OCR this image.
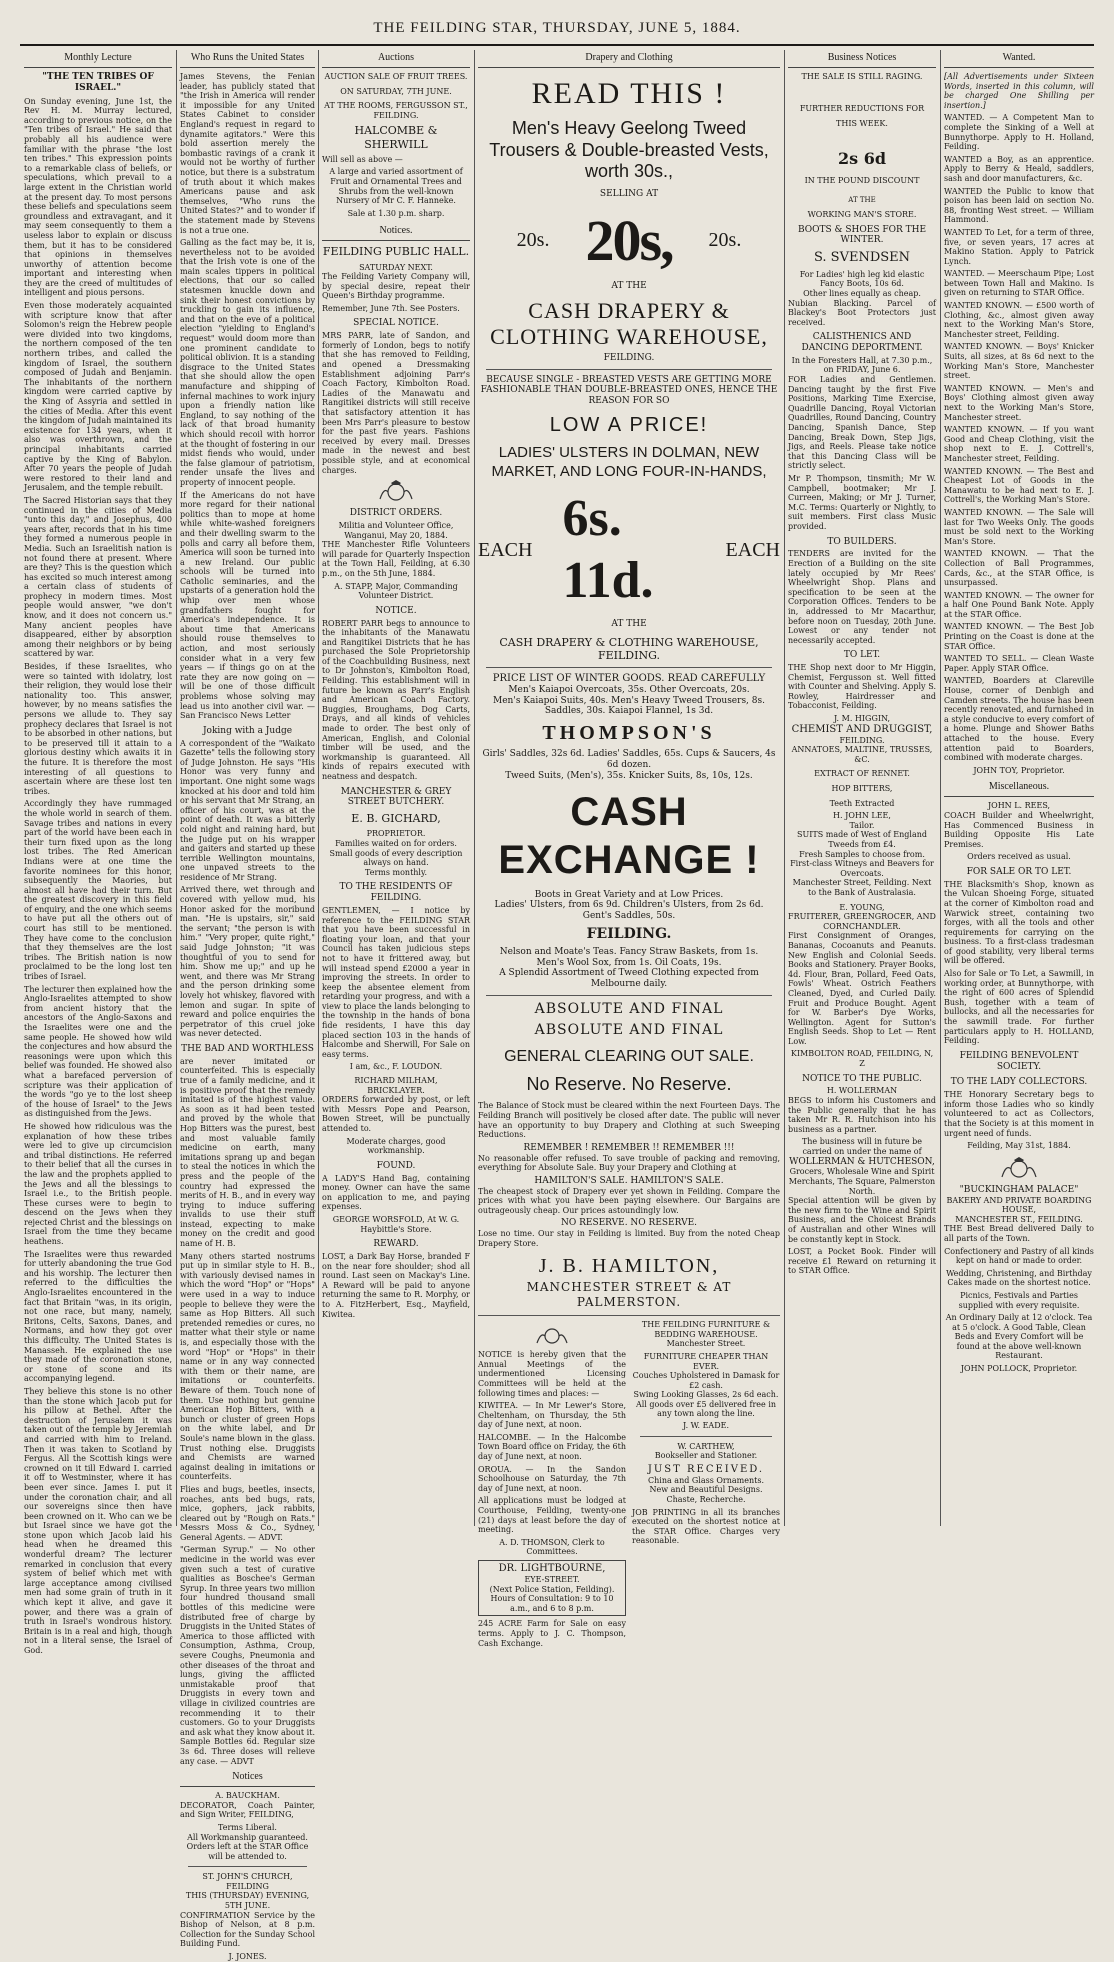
THE FEILDING STAR, THURSDAY, JUNE 5, 1884.
Monthly Lecture
"THE TEN TRIBES OF ISRAEL."

On Sunday evening, June 1st, the Rev H. M. Murray lectured, according to previous notice, on the "Ten tribes of Israel." He said that probably all his audience were familiar with the phrase "the lost ten tribes." This expression points to a remarkable class of beliefs, or speculations, which prevail to a large extent in the Christian world at the present day. To most persons these beliefs and speculations seem groundless and extravagant, and it may seem consequently to them a useless labor to explain or discuss them, but it has to be considered that opinions in themselves unworthy of attention become important and interesting when they are the creed of multitudes of intelligent and pious persons.

Even those moderately acquainted with scripture know that after Solomon's reign the Hebrew people were divided into two kingdoms, the northern composed of the ten northern tribes, and called the kingdom of Israel, the southern composed of Judah and Benjamin. The inhabitants of the northern kingdom were carried captive by the King of Assyria and settled in the cities of Media. After this event the kingdom of Judah maintained its existence for 134 years, when it also was overthrown, and the principal inhabitants carried captive by the King of Babylon. After 70 years the people of Judah were restored to their land and Jerusalem, and the temple rebuilt.

The Sacred Historian says that they continued in the cities of Media "unto this day," and Josephus, 400 years after, records that in his time they formed a numerous people in Media. Such an Israelitish nation is not found there at present. Where are they? This is the question which has excited so much interest among a certain class of students of prophecy in modern times. Most people would answer, "we don't know, and it does not concern us." Many ancient peoples have disappeared, either by absorption among their neighbors or by being scattered by war.

Besides, if these Israelites, who were so tainted with idolatry, lost their religion, they would lose their nationality too. This answer, however, by no means satisfies the persons we allude to. They say prophecy declares that Israel is not to be absorbed in other nations, but to be preserved till it attain to a glorious destiny which awaits it in the future. It is therefore the most interesting of all questions to ascertain where are these lost ten tribes.

Accordingly they have rummaged the whole world in search of them. Savage tribes and nations in every part of the world have been each in their turn fixed upon as the long lost tribes. The Red American Indians were at one time the favorite nominees for this honor, subsequently the Maories, but almost all have had their turn. But the greatest discovery in this field of enquiry, and the one which seems to have put all the others out of court has still to be mentioned. They have come to the conclusion that they themselves are the lost tribes. The British nation is now proclaimed to be the long lost ten tribes of Israel.

The lecturer then explained how the Anglo-Israelites attempted to show from ancient history that the ancestors of the Anglo-Saxons and the Israelites were one and the same people. He showed how wild the conjectures and how absurd the reasonings were upon which this belief was founded. He showed also what a barefaced perversion of scripture was their application of the words "go ye to the lost sheep of the house of Israel" to the Jews as distinguished from the Jews.

He showed how ridiculous was the explanation of how these tribes were led to give up circumcision and tribal distinctions. He referred to their belief that all the curses in the law and the prophets applied to the Jews and all the blessings to Israel i.e., to the British people. These curses were to begin to descend on the Jews when they rejected Christ and the blessings on Israel from the time they became heathens.

The Israelites were thus rewarded for utterly abandoning the true God and his worship. The lecturer then referred to the difficulties the Anglo-Israelites encountered in the fact that Britain "was, in its origin, not one race, but many, namely, Britons, Celts, Saxons, Danes, and Normans, and how they got over this difficulty. The United States is Manasseh. He explained the use they made of the coronation stone, or stone of scone and its accompanying legend.

They believe this stone is no other than the stone which Jacob put for his pillow at Bethel. After the destruction of Jerusalem it was taken out of the temple by Jeremiah and carried with him to Ireland. Then it was taken to Scotland by Fergus. All the Scottish kings were crowned on it till Edward I. carried it off to Westminster, where it has been ever since. James I. put it under the coronation chair, and all our sovereigns since then have been crowned on it. Who can we be but Israel since we have got the stone upon which Jacob laid his head when he dreamed this wonderful dream? The lecturer remarked in conclusion that every system of belief which met with large acceptance among civilised men had some grain of truth in it which kept it alive, and gave it power, and there was a grain of truth in Israel's wondrous history. Britain is in a real and high, though not in a literal sense, the Israel of God.

Who Runs the United States

James Stevens, the Fenian leader, has publicly stated that "the Irish in America will render it impossible for any United States Cabinet to consider England's request in regard to dynamite agitators." Were this bold assertion merely the bombastic ravings of a crank it would not be worthy of further notice, but there is a substratum of truth about it which makes Americans pause and ask themselves, "Who runs the United States?" and to wonder if the statement made by Stevens is not a true one.

Galling as the fact may be, it is, nevertheless not to be avoided that the Irish vote is one of the main scales tippers in political elections, that our so called statesmen knuckle down and sink their honest convictions by truckling to gain its influence, and that on the eve of a political election "yielding to England's request" would doom more than one prominent candidate to political oblivion. It is a standing disgrace to the United States that she should allow the open manufacture and shipping of infernal machines to work injury upon a friendly nation like England, to say nothing of the lack of that broad humanity which should recoil with horror at the thought of fostering in our midst fiends who would, under the false glamour of patriotism, render unsafe the lives and property of innocent people.

If the Americans do not have more regard for their national politics than to mope at home while white-washed foreigners and their dwelling swarm to the polls and carry all before them, America will soon be turned into a new Ireland. Our public schools will be turned into Catholic seminaries, and the upstarts of a generation hold the whip over men whose grandfathers fought for America's independence. It is about time that Americans should rouse themselves to action, and most seriously consider what in a very few years — if things go on at the rate they are now going on — will be one of those difficult problems whose solving may lead us into another civil war. — San Francisco News Letter

Joking with a Judge

A correspondent of the "Waikato Gazette" tells the following story of Judge Johnston. He says "His Honor was very funny and important. One night some wags knocked at his door and told him or his servant that Mr Strang, an officer of his court, was at the point of death. It was a bitterly cold night and raining hard, but the Judge put on his wrapper and gaiters and started up these terrible Wellington mountains, one unpaved streets to the residence of Mr Strang.

Arrived there, wet through and covered with yellow mud, his Honor asked for the moribund man. "He is upstairs, sir," said the servant; "the person is with him." "Very proper, quite right," said Judge Johnston; "it was thoughtful of you to send for him. Show me up;" and up he went, and there was Mr Strang and the person drinking some lovely hot whiskey, flavored with lemon and sugar. In spite of reward and police enquiries the perpetrator of this cruel joke was never detected.

THE BAD AND WORTHLESS

are never imitated or counterfeited. This is especially true of a family medicine, and it is positive proof that the remedy imitated is of the highest value. As soon as it had been tested and proved by the whole that Hop Bitters was the purest, best and most valuable family medicine on earth, many imitations sprang up and began to steal the notices in which the press and the people of the country had expressed the merits of H. B., and in every way trying to induce suffering invalids to use their stuff instead, expecting to make money on the credit and good name of H. B.

Many others started nostrums put up in similar style to H. B., with variously devised names in which the word "Hop" or "Hops" were used in a way to induce people to believe they were the same as Hop Bitters. All such pretended remedies or cures, no matter what their style or name is, and especially those with the word "Hop" or "Hops" in their name or in any way connected with them or their name, are imitations or counterfeits. Beware of them. Touch none of them. Use nothing but genuine American Hop Bitters, with a bunch or cluster of green Hops on the white label, and Dr Soule's name blown in the glass. Trust nothing else. Druggists and Chemists are warned against dealing in imitations or counterfeits.

Flies and bugs, beetles, insects, roaches, ants bed bugs, rats, mice, gophers, jack rabbits, cleared out by "Rough on Rats." Messrs Moss & Co., Sydney, General Agents. — ADVT.

"German Syrup." — No other medicine in the world was ever given such a test of curative qualities as Boschee's German Syrup. In three years two million four hundred thousand small bottles of this medicine were distributed free of charge by Druggists in the United States of America to those afflicted with Consumption, Asthma, Croup, severe Coughs, Pneumonia and other diseases of the throat and lungs, giving the afflicted unmistakable proof that Druggists in every town and village in civilized countries are recommending it to their customers. Go to your Druggists and ask what they know about it. Sample Bottles 6d. Regular size 3s 6d. Three doses will relieve any case. — ADVT

Notices
A. BAUCKHAM.

DECORATOR, Coach Painter, and Sign Writer, FEILDING,

Terms Liberal.
All Workmanship guaranteed.
Orders left at the STAR Office will be attended to.
ST. JOHN'S CHURCH, FEILDING
THIS (THURSDAY) EVENING, 5TH JUNE.

CONFIRMATION Service by the Bishop of Nelson, at 8 p.m. Collection for the Sunday School Building Fund.

J. JONES.
Auctions
AUCTION SALE OF FRUIT TREES.
ON SATURDAY, 7TH JUNE.
AT THE ROOMS, FERGUSSON ST., FEILDING.
HALCOMBE & SHERWILL

Will sell as above —

A large and varied assortment of Fruit and Ornamental Trees and Shrubs from the well-known Nursery of Mr C. F. Hanneke.

Sale at 1.30 p.m. sharp.
Notices.
FEILDING PUBLIC HALL.
SATURDAY NEXT.

The Feilding Variety Company will, by special desire, repeat their Queen's Birthday programme.

Remember, June 7th. See Posters.

SPECIAL NOTICE.

MRS PARR, late of Sandon, and formerly of London, begs to notify that she has removed to Feilding, and opened a Dressmaking Establishment adjoining Parr's Coach Factory, Kimbolton Road. Ladies of the Manawatu and Rangitikei districts will still receive that satisfactory attention it has been Mrs Parr's pleasure to bestow for the past five years. Fashions received by every mail. Dresses made in the newest and best possible style, and at economical charges.

DISTRICT ORDERS.
Militia and Volunteer Office, Wanganui, May 20, 1884.

THE Manchester Rifle Volunteers will parade for Quarterly Inspection at the Town Hall, Feilding, at 6.30 p.m., on the 5th June, 1884.

A. STAPP, Major, Commanding Volunteer District.
NOTICE.

ROBERT PARR begs to announce to the inhabitants of the Manawatu and Rangitikei Districts that he has purchased the Sole Proprietorship of the Coachbuilding Business, next to Dr Johnston's, Kimbolton Road, Feilding. This establishment will in future be known as Parr's English and American Coach Factory. Buggies, Broughams, Dog Carts, Drays, and all kinds of vehicles made to order. The best only of American, English, and Colonial timber will be used, and the workmanship is guaranteed. All kinds of repairs executed with neatness and despatch.

MANCHESTER & GREY STREET BUTCHERY.
E. B. GICHARD,
PROPRIETOR.
Families waited on for orders.
Small goods of every description always on hand.
Terms monthly.
TO THE RESIDENTS OF FEILDING.

GENTLEMEN, — I notice by reference to the FEILDING STAR that you have been successful in floating your loan, and that your Council has taken judicious steps not to have it frittered away, but will instead spend £2000 a year in improving the streets. In order to keep the absentee element from retarding your progress, and with a view to place the lands belonging to the township in the hands of bona fide residents, I have this day placed section 103 in the hands of Halcombe and Sherwill, For Sale on easy terms.

I am, &c., F. LOUDON.
RICHARD MILHAM,
BRICKLAYER.

ORDERS forwarded by post, or left with Messrs Pope and Pearson, Bowen Street, will be punctually attended to.

Moderate charges, good workmanship.
FOUND.

A LADY'S Hand Bag, containing money. Owner can have the same on application to me, and paying expenses.

GEORGE WORSFOLD, At W. G. Haybittle's Store.
REWARD.

LOST, a Dark Bay Horse, branded F on the near fore shoulder; shod all round. Last seen on Mackay's Line. A Reward will be paid to anyone returning the same to R. Morphy, or to A. FitzHerbert, Esq., Mayfield, Kiwitea.

Drapery and Clothing
READ THIS !
Men's Heavy Geelong Tweed Trousers & Double-breasted Vests, worth 30s.,
SELLING AT
20s. 20s, 20s.
AT THE
CASH DRAPERY & CLOTHING WAREHOUSE,
FEILDING.
BECAUSE SINGLE - BREASTED VESTS ARE GETTING MORE FASHIONABLE THAN DOUBLE-BREASTED ONES, HENCE THE REASON FOR SO
LOW A PRICE!
LADIES' ULSTERS IN DOLMAN, NEW MARKET, AND LONG FOUR-IN-HANDS,
EACH
6s. 11d.
EACH
AT THE
CASH DRAPERY & CLOTHING WAREHOUSE, FEILDING.
PRICE LIST OF WINTER GOODS. READ CAREFULLY
Men's Kaiapoi Overcoats, 35s. Other Overcoats, 20s.
Men's Kaiapoi Suits, 40s. Men's Heavy Tweed Trousers, 8s.
Saddles, 30s. Kaiapoi Flannel, 1s 3d.
THOMPSON'S
Girls' Saddles, 32s 6d. Ladies' Saddles, 65s. Cups & Saucers, 4s 6d dozen.
Tweed Suits, (Men's), 35s. Knicker Suits, 8s, 10s, 12s.
CASH EXCHANGE !
Boots in Great Variety and at Low Prices.
Ladies' Ulsters, from 6s 9d. Children's Ulsters, from 2s 6d.
Gent's Saddles, 50s.
FEILDING.
Nelson and Moate's Teas. Fancy Straw Baskets, from 1s.
Men's Wool Sox, from 1s. Oil Coats, 19s.
A Splendid Assortment of Tweed Clothing expected from Melbourne daily.
ABSOLUTE AND FINAL
ABSOLUTE AND FINAL
GENERAL CLEARING OUT SALE.
No Reserve. No Reserve.

The Balance of Stock must be cleared within the next Fourteen Days. The Feilding Branch will positively be closed after date. The public will never have an opportunity to buy Drapery and Clothing at such Sweeping Reductions.

REMEMBER ! REMEMBER !! REMEMBER !!!

No reasonable offer refused. To save trouble of packing and removing, everything for Absolute Sale. Buy your Drapery and Clothing at

HAMILTON'S SALE. HAMILTON'S SALE.

The cheapest stock of Drapery ever yet shown in Feilding. Compare the prices with what you have been paying elsewhere. Our Bargains are outrageously cheap. Our prices astoundingly low.

NO RESERVE. NO RESERVE.

Lose no time. Our stay in Feilding is limited. Buy from the noted Cheap Drapery Store.

J. B. HAMILTON,
MANCHESTER STREET & AT PALMERSTON.

NOTICE is hereby given that the Annual Meetings of the undermentioned Licensing Committees will be held at the following times and places: —

KIWITEA. — In Mr Lewer's Store, Cheltenham, on Thursday, the 5th day of June next, at noon.

HALCOMBE. — In the Halcombe Town Board office on Friday, the 6th day of June next, at noon.

OROUA. — In the Sandon Schoolhouse on Saturday, the 7th day of June next, at noon.

All applications must be lodged at Courthouse, Feilding, twenty-one (21) days at least before the day of meeting.

A. D. THOMSON, Clerk to Committees.
DR. LIGHTBOURNE,
EYE-STREET.
(Next Police Station, Feilding). Hours of Consultation: 9 to 10 a.m., and 6 to 8 p.m.

245 ACRE Farm for Sale on easy terms. Apply to J. C. Thompson, Cash Exchange.

THE FEILDING FURNITURE & BEDDING WAREHOUSE.
Manchester Street.
FURNITURE CHEAPER THAN EVER.
Couches Upholstered in Damask for £2 cash.
Swing Looking Glasses, 2s 6d each. All goods over £5 delivered free in any town along the line.
J. W. EADE.
W. CARTHEW,
Bookseller and Stationer.
JUST RECEIVED.
China and Glass Ornaments.
New and Beautiful Designs.
Chaste, Recherche.

JOB PRINTING in all its branches executed on the shortest notice at the STAR Office. Charges very reasonable.

Business Notices
THE SALE IS STILL RAGING.
FURTHER REDUCTIONS FOR
THIS WEEK.
2s 6d
IN THE POUND DISCOUNT
AT THE
WORKING MAN'S STORE.
BOOTS & SHOES FOR THE WINTER.
S. SVENDSEN
For Ladies' high leg kid elastic Fancy Boots, 10s 6d.
Other lines equally as cheap.

Nubian Blacking. Parcel of Blackey's Boot Protectors just received.

CALISTHENICS AND DANCING DEPORTMENT.
In the Foresters Hall, at 7.30 p.m., on FRIDAY, June 6.

FOR Ladies and Gentlemen. Dancing taught by the first Five Positions, Marking Time Exercise, Quadrille Dancing, Royal Victorian Quadrilles, Round Dancing, Country Dancing, Spanish Dance, Step Dancing, Break Down, Step Jigs, Jigs, and Reels. Please take notice that this Dancing Class will be strictly select.

Mr P. Thompson, tinsmith; Mr W. Campbell, bootmaker; Mr J. Curreen, Making; or Mr J. Turner, M.C. Terms: Quarterly or Nightly, to suit members. First class Music provided.

TO BUILDERS.

TENDERS are invited for the Erection of a Building on the site lately occupied by Mr Rees' Wheelwright Shop. Plans and specification to be seen at the Corporation Offices. Tenders to be in, addressed to Mr Macarthur, before noon on Tuesday, 20th June. Lowest or any tender not necessarily accepted.

TO LET.

THE Shop next door to Mr Higgin, Chemist, Fergusson st. Well fitted with Counter and Shelving. Apply S. Rowley, Hairdresser and Tobacconist, Feilding.

J. M. HIGGIN,
CHEMIST AND DRUGGIST,
FEILDING.
ANNATOES, MALTINE, TRUSSES, &C.
EXTRACT OF RENNET.
HOP BITTERS,
Teeth Extracted
H. JOHN LEE,
Tailor.
SUITS made of West of England Tweeds from £4.
Fresh Samples to choose from. First-class Witneys and Beavers for Overcoats.
Manchester Street, Feilding. Next to the Bank of Australasia.
E. YOUNG,
FRUITERER, GREENGROCER, AND CORNCHANDLER.

First Consignment of Oranges, Bananas, Cocoanuts and Peanuts. New English and Colonial Seeds. Books and Stationery. Prayer Books, 4d. Flour, Bran, Pollard, Feed Oats, Fowls' Wheat. Ostrich Feathers Cleaned, Dyed, and Curled Daily. Fruit and Produce Bought. Agent for W. Barber's Dye Works, Wellington. Agent for Sutton's English Seeds. Shop to Let — Rent Low.

KIMBOLTON ROAD, FEILDING, N, Z
NOTICE TO THE PUBLIC.
H. WOLLERMAN

BEGS to inform his Customers and the Public generally that he has taken Mr R. R. Hutchison into his business as a partner.

The business will in future be carried on under the name of
WOLLERMAN & HUTCHESON,
Grocers, Wholesale Wine and Spirit Merchants, The Square, Palmerston North.

Special attention will be given by the new firm to the Wine and Spirit Business, and the Choicest Brands of Australian and other Wines will be constantly kept in Stock.

LOST, a Pocket Book. Finder will receive £1 Reward on returning it to STAR Office.

Wanted.

[All Advertisements under Sixteen Words, inserted in this column, will be charged One Shilling per insertion.]

WANTED. — A Competent Man to complete the Sinking of a Well at Bunnythorpe. Apply to H. Holland, Feilding.

WANTED a Boy, as an apprentice. Apply to Berry & Heald, saddlers, sash and door manufacturers, &c.

WANTED the Public to know that poison has been laid on section No. 88, fronting West street. — William Hammond.

WANTED To Let, for a term of three, five, or seven years, 17 acres at Makino Station. Apply to Patrick Lynch.

WANTED. — Meerschaum Pipe; Lost between Town Hall and Makino. Is given on returning to STAR Office.

WANTED KNOWN. — £500 worth of Clothing, &c., almost given away next to the Working Man's Store, Manchester street, Feilding.

WANTED KNOWN. — Boys' Knicker Suits, all sizes, at 8s 6d next to the Working Man's Store, Manchester street.

WANTED KNOWN. — Men's and Boys' Clothing almost given away next to the Working Man's Store, Manchester street.

WANTED KNOWN. — If you want Good and Cheap Clothing, visit the shop next to E. J. Cottrell's, Manchester street, Feilding.

WANTED KNOWN. — The Best and Cheapest Lot of Goods in the Manawatu to be had next to E. J. Cottrell's, the Working Man's Store.

WANTED KNOWN. — The Sale will last for Two Weeks Only. The goods must be sold next to the Working Man's Store.

WANTED KNOWN. — That the Collection of Ball Programmes, Cards, &c., at the STAR Office, is unsurpassed.

WANTED KNOWN. — The owner for a half One Pound Bank Note. Apply at the STAR Office.

WANTED KNOWN. — The Best Job Printing on the Coast is done at the STAR Office.

WANTED TO SELL. — Clean Waste Paper. Apply STAR Office.

WANTED, Boarders at Clareville House, corner of Denbigh and Camden streets. The house has been recently renovated, and furnished in a style conducive to every comfort of a home. Plunge and Shower Baths attached to the house. Every attention paid to Boarders, combined with moderate charges.

JOHN TOY, Proprietor.
Miscellaneous.
JOHN L. REES,

COACH Builder and Wheelwright, Has Commenced Business in Building Opposite His Late Premises.

Orders received as usual.
FOR SALE OR TO LET.

THE Blacksmith's Shop, known as the Vulcan Shoeing Forge, situated at the corner of Kimbolton road and Warwick street, containing two forges, with all the tools and other requirements for carrying on the business. To a first-class tradesman of good stability, very liberal terms will be offered.

Also for Sale or To Let, a Sawmill, in working order, at Bunnythorpe, with the right of 600 acres of Splendid Bush, together with a team of bullocks, and all the necessaries for the sawmill trade. For further particulars apply to H. HOLLAND, Feilding.

FEILDING BENEVOLENT SOCIETY.
TO THE LADY COLLECTORS.

THE Honorary Secretary begs to inform those Ladies who so kindly volunteered to act as Collectors, that the Society is at this moment in urgent need of funds.

Feilding, May 31st, 1884.
"BUCKINGHAM PALACE"
BAKERY AND PRIVATE BOARDING HOUSE,
MANCHESTER ST., FEILDING.

THE Best Bread delivered Daily to all parts of the Town.

Confectionery and Pastry of all kinds kept on hand or made to order.

Wedding, Christening, and Birthday Cakes made on the shortest notice.

Picnics, Festivals and Parties supplied with every requisite.

An Ordinary Daily at 12 o'clock. Tea at 5 o'clock. A Good Table, Clean Beds and Every Comfort will be found at the above well-known Restaurant.

JOHN POLLOCK, Proprietor.
